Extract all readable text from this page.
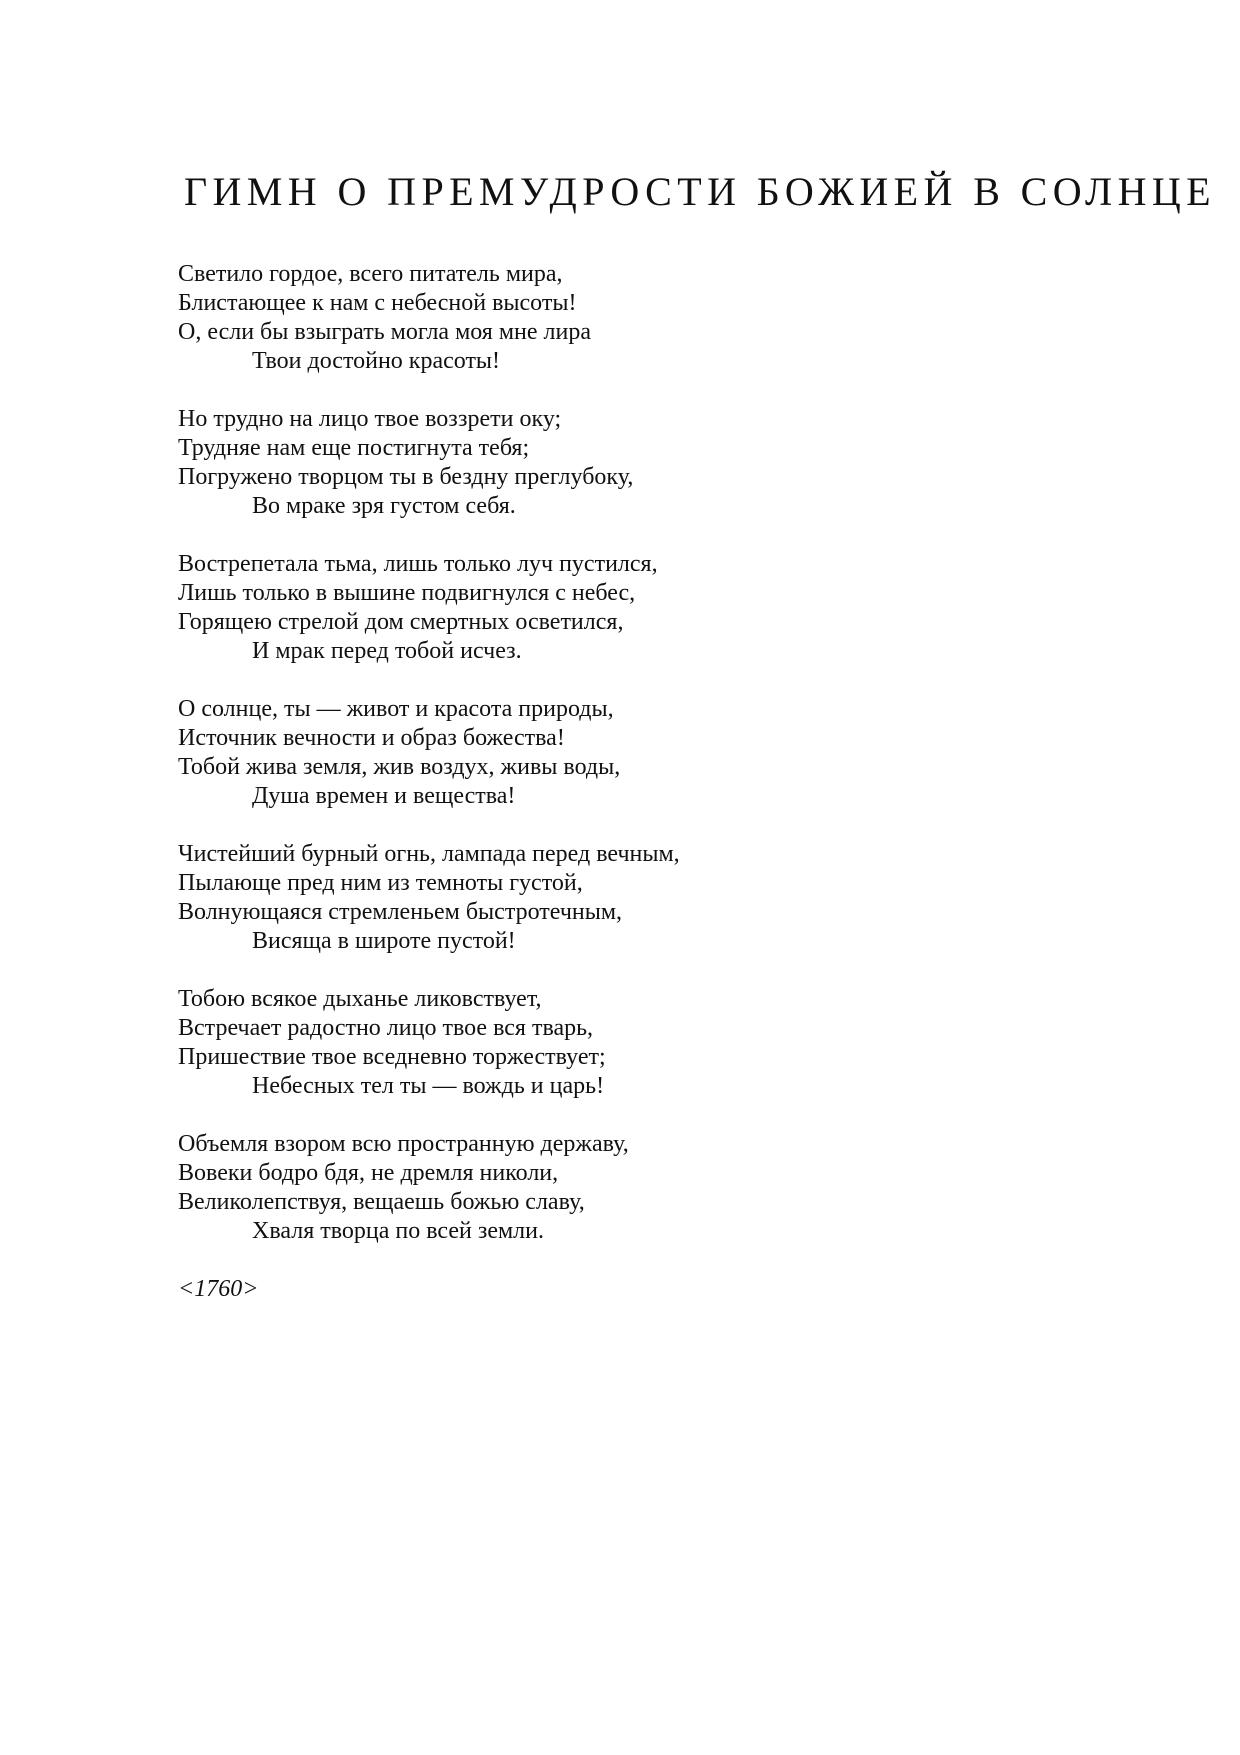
ГИМН О ПРЕМУДРОСТИ БОЖИЕЙ В СОЛНЦЕ
Светило гордое, всего питатель мира,
Блистающее к нам с небесной высоты!
О, если бы взыграть могла моя мне лира
Твои достойно красоты!
Но трудно на лицо твое воззрети оку;
Трудняе нам еще постигнута тебя;
Погружено творцом ты в бездну преглубоку,
Во мраке зря густом себя.
Вострепетала тьма, лишь только луч пустился,
Лишь только в вышине подвигнулся с небес,
Горящею стрелой дом смертных осветился,
И мрак перед тобой исчез.
О солнце, ты — живот и красота природы,
Источник вечности и образ божества!
Тобой жива земля, жив воздух, живы воды,
Душа времен и вещества!
Чистейший бурный огнь, лампада перед вечным,
Пылающе пред ним из темноты густой,
Волнующаяся стремленьем быстротечным,
Висяща в широте пустой!
Тобою всякое дыханье ликовствует,
Встречает радостно лицо твое вся тварь,
Пришествие твое вседневно торжествует;
Небесных тел ты — вождь и царь!
Объемля взором всю пространную державу,
Вовеки бодро бдя, не дремля николи,
Великолепствуя, вещаешь божью славу,
Хваля творца по всей земли.
<1760>
